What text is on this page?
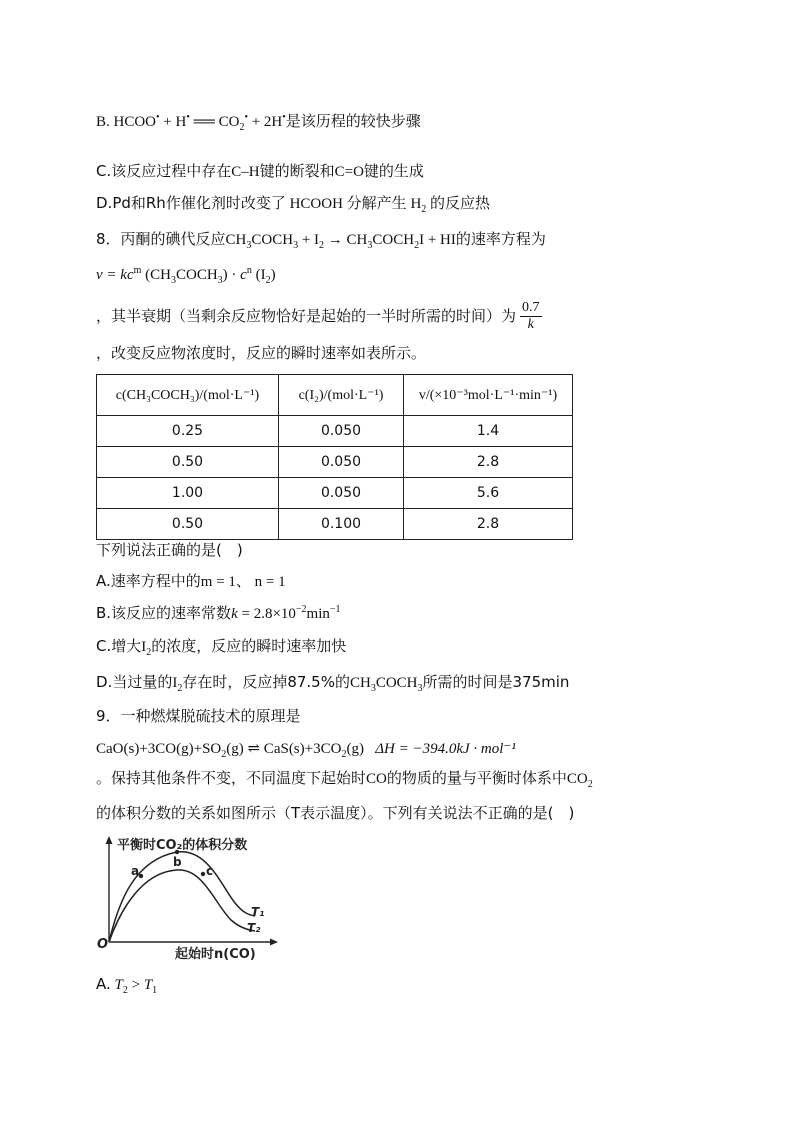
B. HCOO• + H• ══ $CO_2^• + 2H^•$是该历程的较快步骤
C.该反应过程中存在C–H键的断裂和C=O键的生成
D.Pd和Rh作催化剂时改变了 HCOOH 分解产生 $H_2$ 的反应热
8．丙酮的碘代反应$CH_3COCH_3 + I_2$ → $CH_3COCH_2I$ + HI的速率方程为
$v = kc^m$ $(CH_3COCH_3) \cdot c^n$ $(I_2)$
，其半衰期（当剩余反应物恰好是起始的一半时所需的时间）为 $\frac{0.7}{k}$
，改变反应物浓度时，反应的瞬时速率如表所示。
c(CH₃COCH₃)/(mol·L⁻¹)	c(I₂)/(mol·L⁻¹)	v/(×10⁻³mol·L⁻¹·min⁻¹)
0.25	0.050	1.4
0.50	0.050	2.8
1.00	0.050	5.6
0.50	0.100	2.8
下列说法正确的是(　)
A.速率方程中的m = 1、 n = 1
B.该反应的速率常数$k = 2.8\times 10^{-2}\min^{-1}$
C.增大$I_2$的浓度，反应的瞬时速率加快
D.当过量的$I_2$存在时，反应掉87.5%的$CH_3COCH_3$所需的时间是375min
9．一种燃煤脱硫技术的原理是
$CaO(s)+3CO(g)+SO_2(g)$ ⇌ $CaS(s)+3CO_2(g) \Delta H = -394.0kJ \cdot mol^{-1}$
。保持其他条件不变，不同温度下起始时CO的物质的量与平衡时体系中$CO_2$
的体积分数的关系如图所示（T表示温度）。下列有关说法不正确的是(　)
平衡时CO₂的体积分数
a
b
c
T₁
T₂
O
起始时n(CO)
A. $T_2 > T_1$
